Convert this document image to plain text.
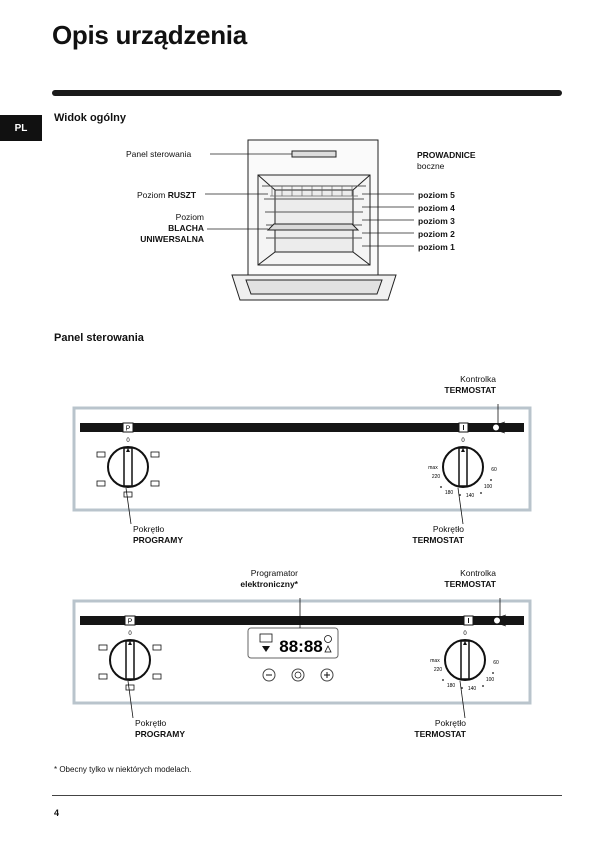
Opis urządzenia
PL
Widok ogólny
Panel sterowania
Poziom RUSZT
Poziom
BLACHA
UNIWERSALNA
PROWADNICE
boczne
poziom 5
poziom 4
poziom 3
poziom 2
poziom 1
Panel sterowania
Kontrolka
TERMOSTAT
Pokrętło
PROGRAMY
Pokrętło
TERMOSTAT
Programator
elektroniczny*
Kontrolka
TERMOSTAT
Pokrętło
PROGRAMY
Pokrętło
TERMOSTAT
P
0	0
max
220
180	140
100
60
P
0
88:88
0
max
220
180	140
100
60
* Obecny tylko w niektórych modelach.
4
